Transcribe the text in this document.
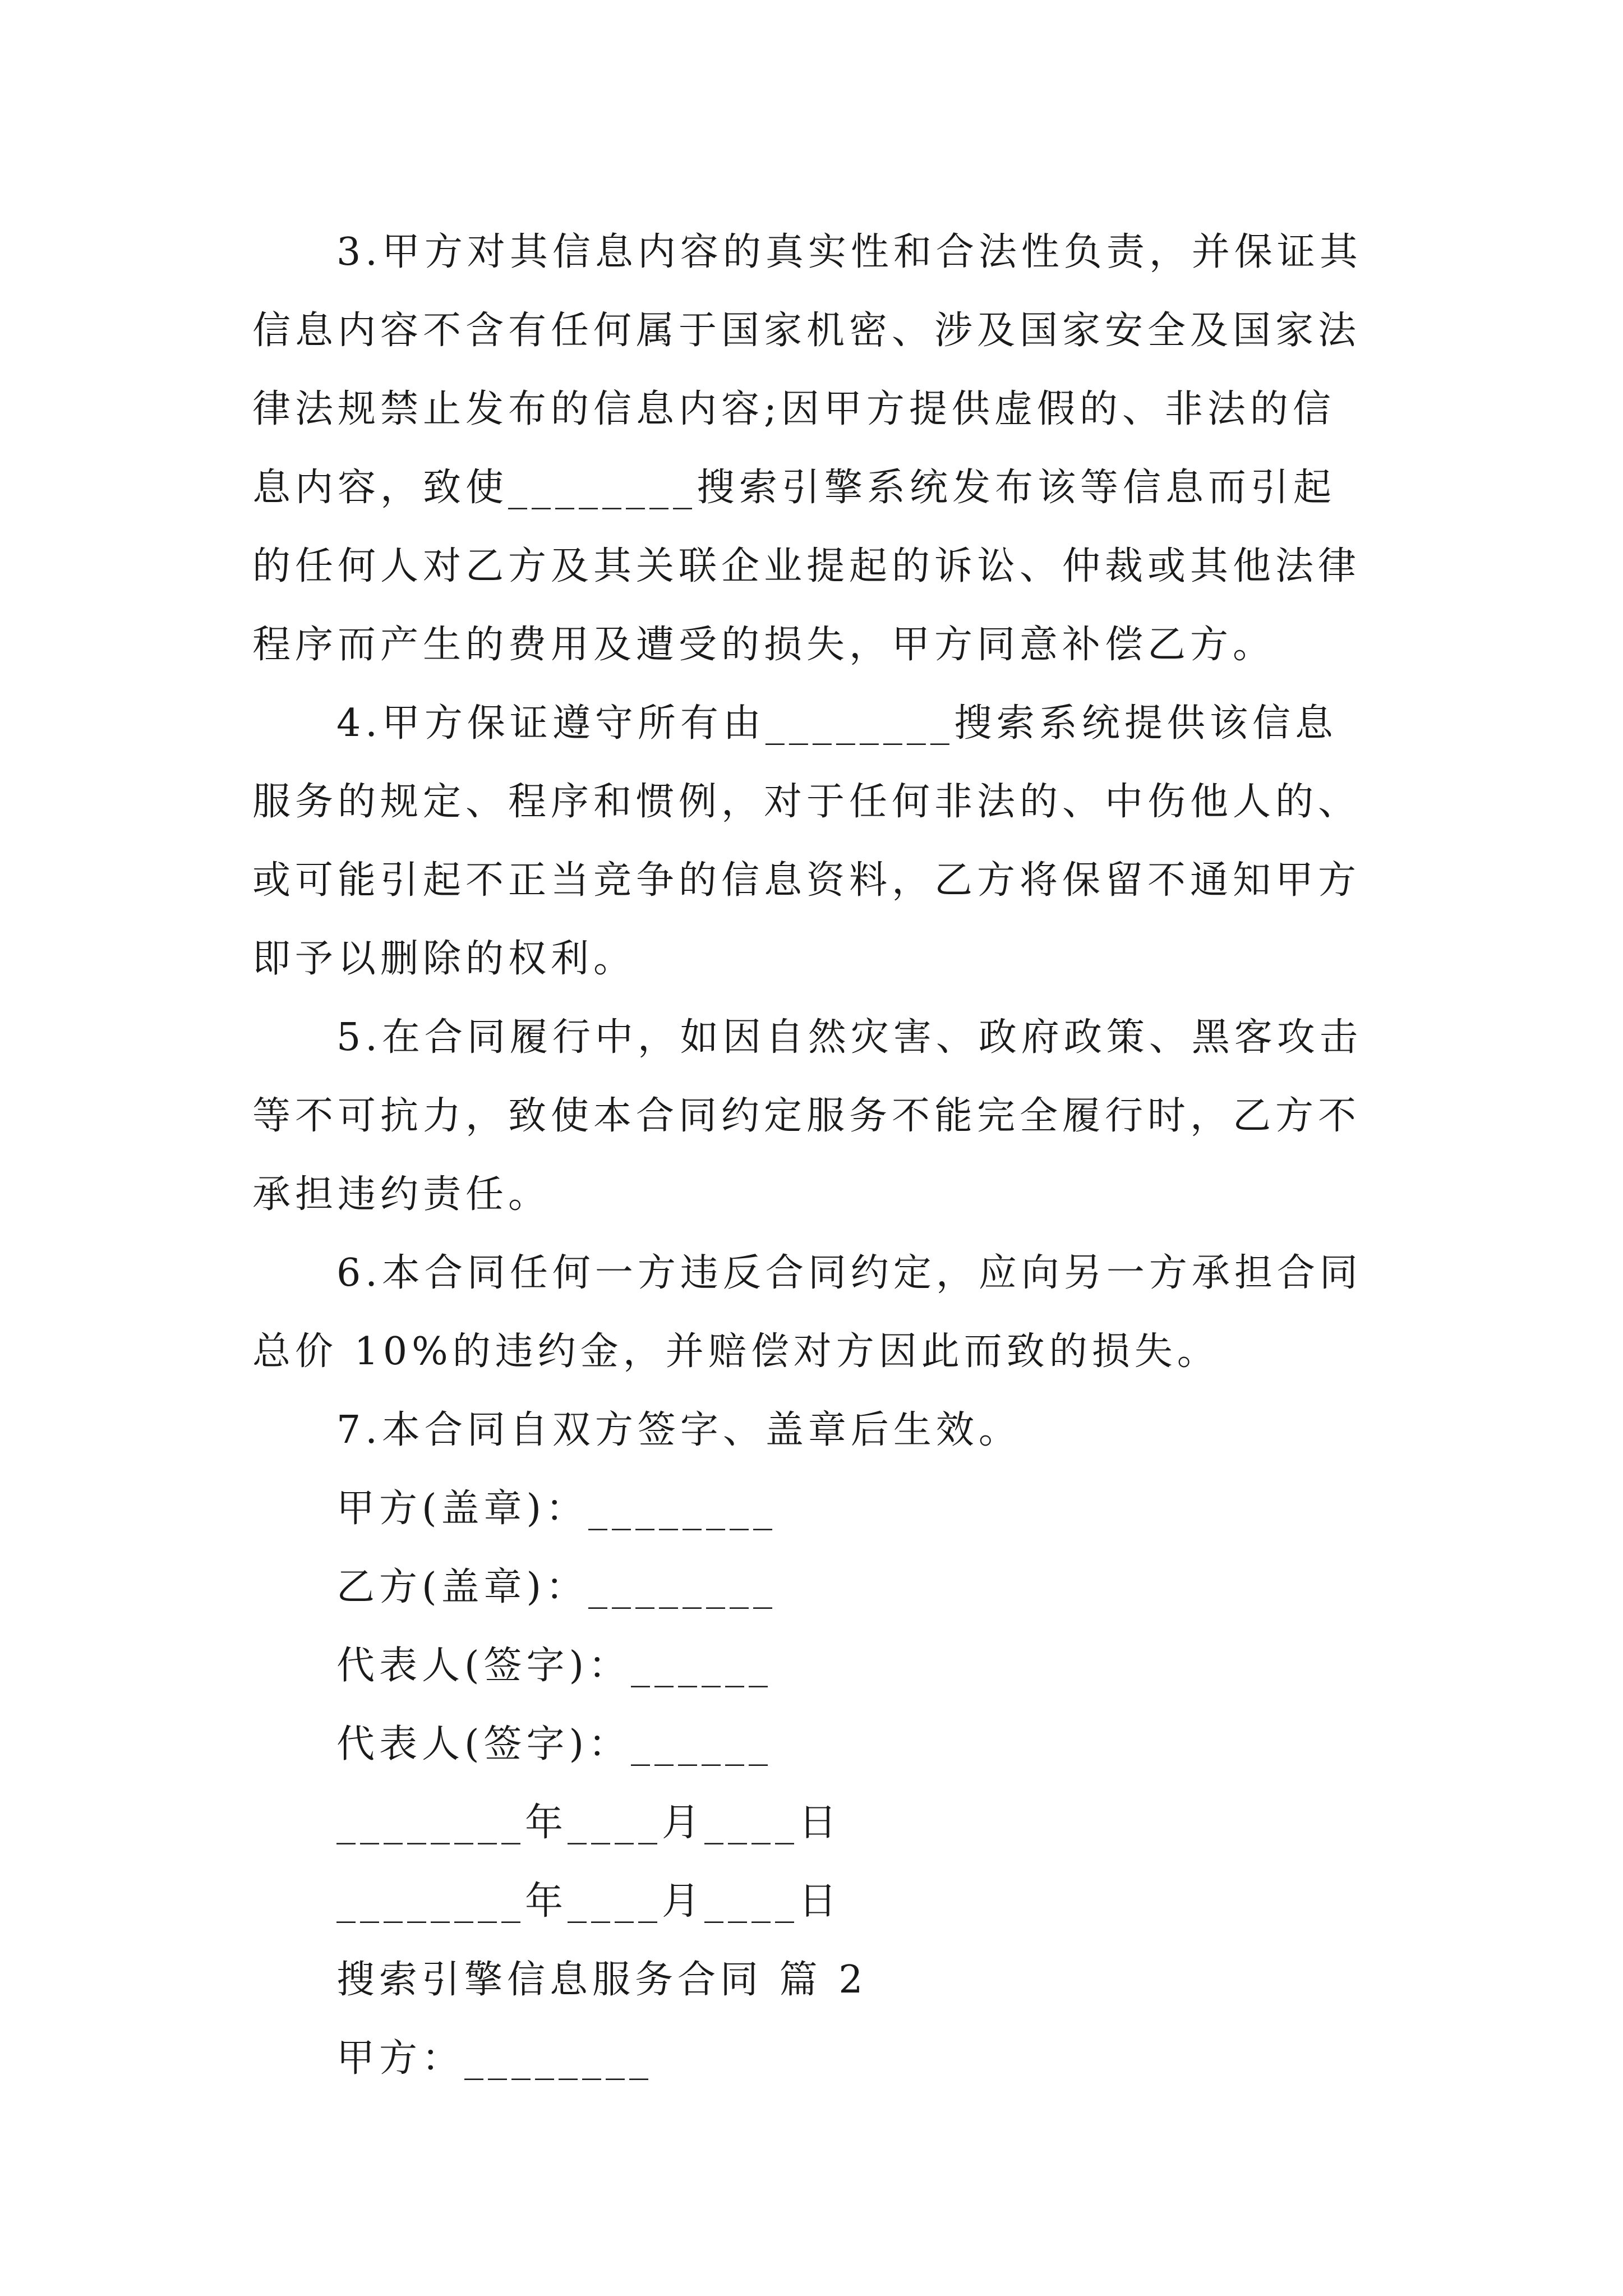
3.甲方对其信息内容的真实性和合法性负责，并保证其
信息内容不含有任何属于国家机密、涉及国家安全及国家法
律法规禁止发布的信息内容;因甲方提供虚假的、非法的信
息内容，致使________搜索引擎系统发布该等信息而引起
的任何人对乙方及其关联企业提起的诉讼、仲裁或其他法律
程序而产生的费用及遭受的损失，甲方同意补偿乙方。
4.甲方保证遵守所有由________搜索系统提供该信息
服务的规定、程序和惯例，对于任何非法的、中伤他人的、
或可能引起不正当竞争的信息资料，乙方将保留不通知甲方
即予以删除的权利。
5.在合同履行中，如因自然灾害、政府政策、黑客攻击
等不可抗力，致使本合同约定服务不能完全履行时，乙方不
承担违约责任。
6.本合同任何一方违反合同约定，应向另一方承担合同
总价 10%的违约金，并赔偿对方因此而致的损失。
7.本合同自双方签字、盖章后生效。
甲方(盖章)：________
乙方(盖章)：________
代表人(签字)：______
代表人(签字)：______
________年____月____日
________年____月____日
搜索引擎信息服务合同 篇 2
甲方：________
